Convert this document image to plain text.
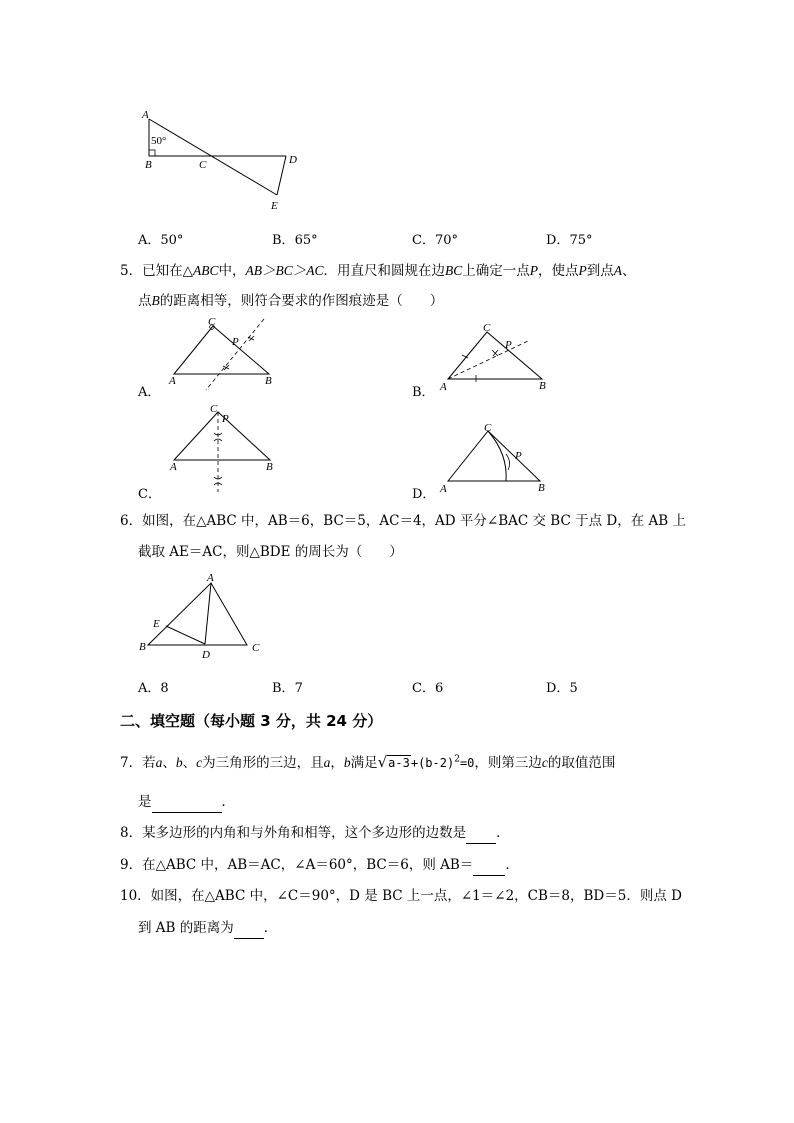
A
50°
B	C	D
E
A．50°	B．65°	C．70°	D．75°
5．已知在△ABC中，AB＞BC＞AC．用直尺和圆规在边BC上确定一点P，使点P到点A、
点B的距离相等，则符合要求的作图痕迹是（　　）
C
P
A	B
A．
C
P
A	B
B．
C
P
A	B
C．
C
P
A	B
D．
6．如图，在△ABC 中，AB＝6，BC＝5，AC＝4，AD 平分∠BAC 交 BC 于点 D，在 AB 上
截取 AE＝AC，则△BDE 的周长为（　　）
A
E
B
D
C
A．8	B．7	C．6	D．5
二、填空题（每小题 3 分，共 24 分）
7．若a、b、c为三角形的三边，且a，b满足$√a-3+(b-2)^2=0$，则第三边c的取值范围
是	．
8．某多边形的内角和与外角和相等，这个多边形的边数是 ．
9．在△ABC 中，AB＝AC，∠A＝60°，BC＝6，则 AB＝ ．
10．如图，在△ABC 中，∠C＝90°，D 是 BC 上一点，∠1＝∠2，CB＝8，BD＝5．则点 D
到 AB 的距离为 ．
